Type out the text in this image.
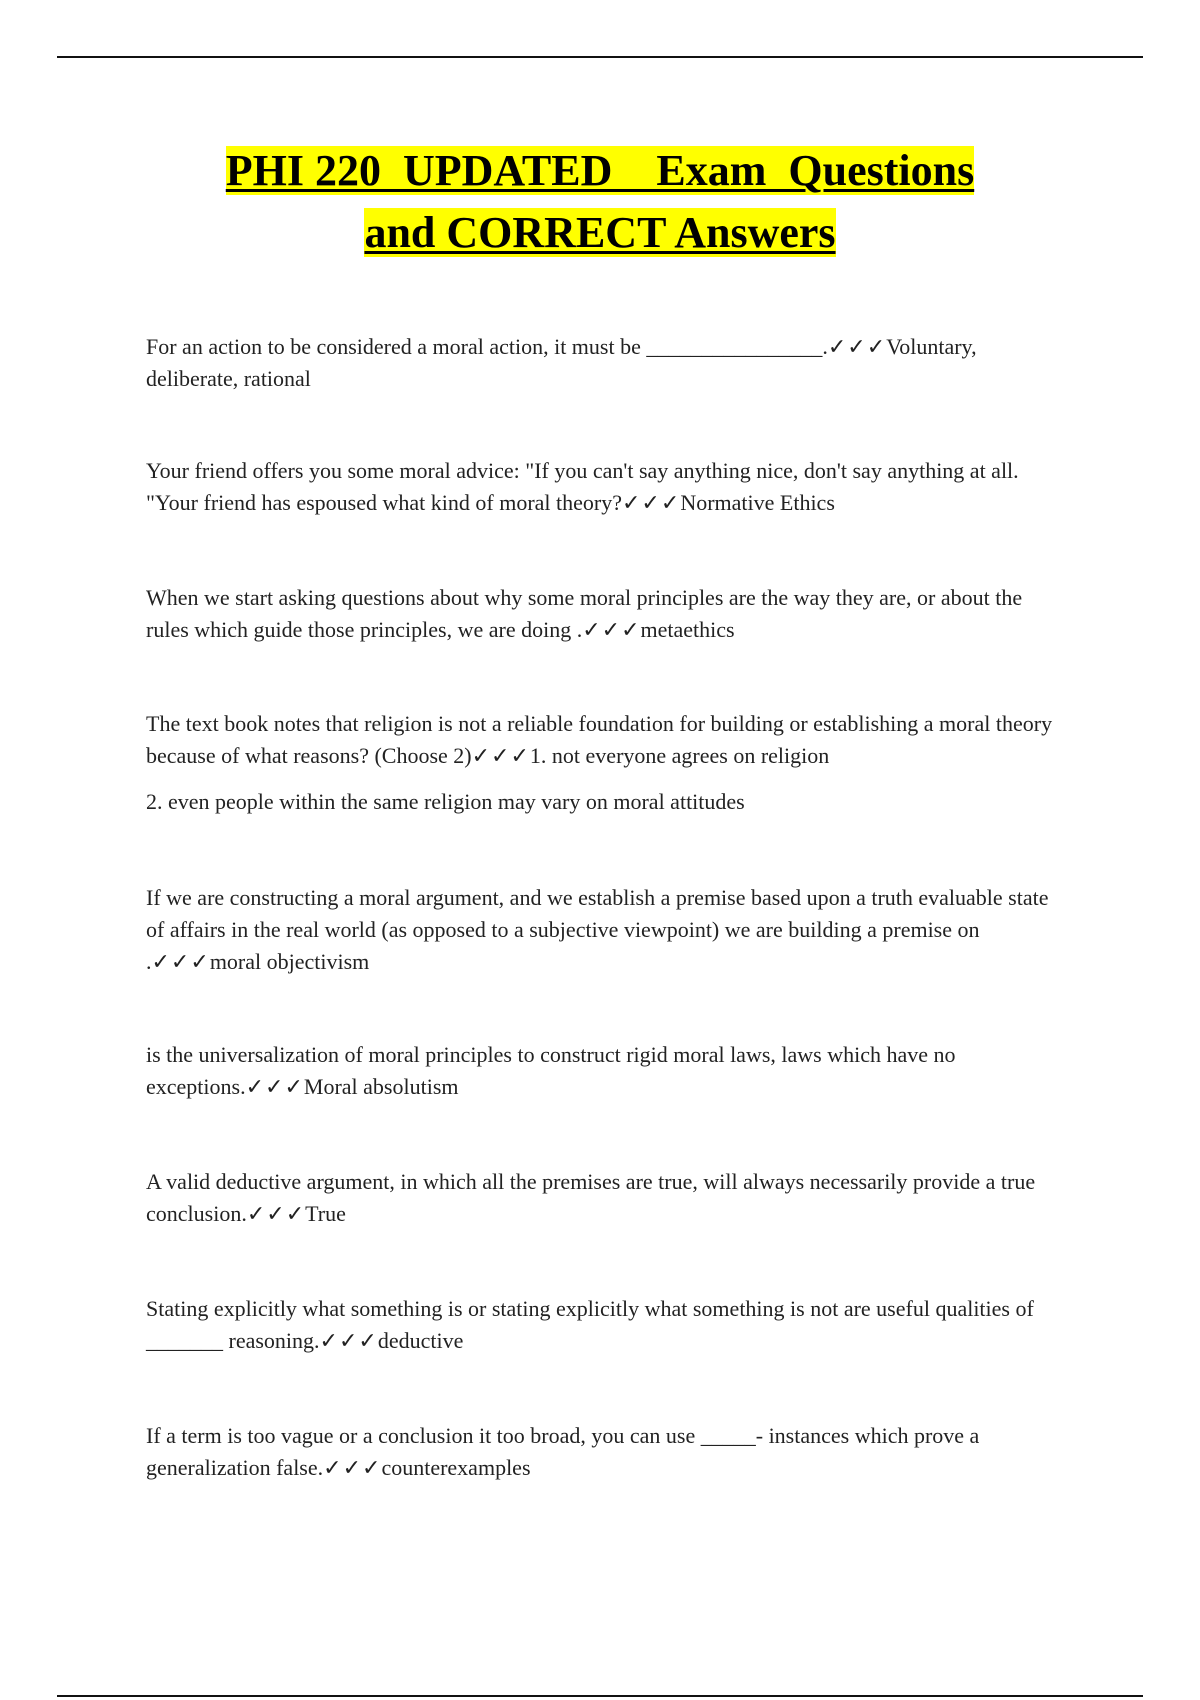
PHI 220  UPDATED    Exam  Questions
and CORRECT Answers

For an action to be considered a moral action, it must be ________________.✓✓✓Voluntary, deliberate, rational

Your friend offers you some moral advice: "If you can't say anything nice, don't say anything at all. "Your friend has espoused what kind of moral theory?✓✓✓Normative Ethics

When we start asking questions about why some moral principles are the way they are, or about the rules which guide those principles, we are doing .✓✓✓metaethics

The text book notes that religion is not a reliable foundation for building or establishing a moral theory because of what reasons? (Choose 2)✓✓✓1. not everyone agrees on religion

2. even people within the same religion may vary on moral attitudes

If we are constructing a moral argument, and we establish a premise based upon a truth evaluable state of affairs in the real world (as opposed to a subjective viewpoint) we are building a premise on .✓✓✓moral objectivism

is the universalization of moral principles to construct rigid moral laws, laws which have no exceptions.✓✓✓Moral absolutism

A valid deductive argument, in which all the premises are true, will always necessarily provide a true conclusion.✓✓✓True

Stating explicitly what something is or stating explicitly what something is not are useful qualities of _______ reasoning.✓✓✓deductive

If a term is too vague or a conclusion it too broad, you can use _____- instances which prove a generalization false.✓✓✓counterexamples
